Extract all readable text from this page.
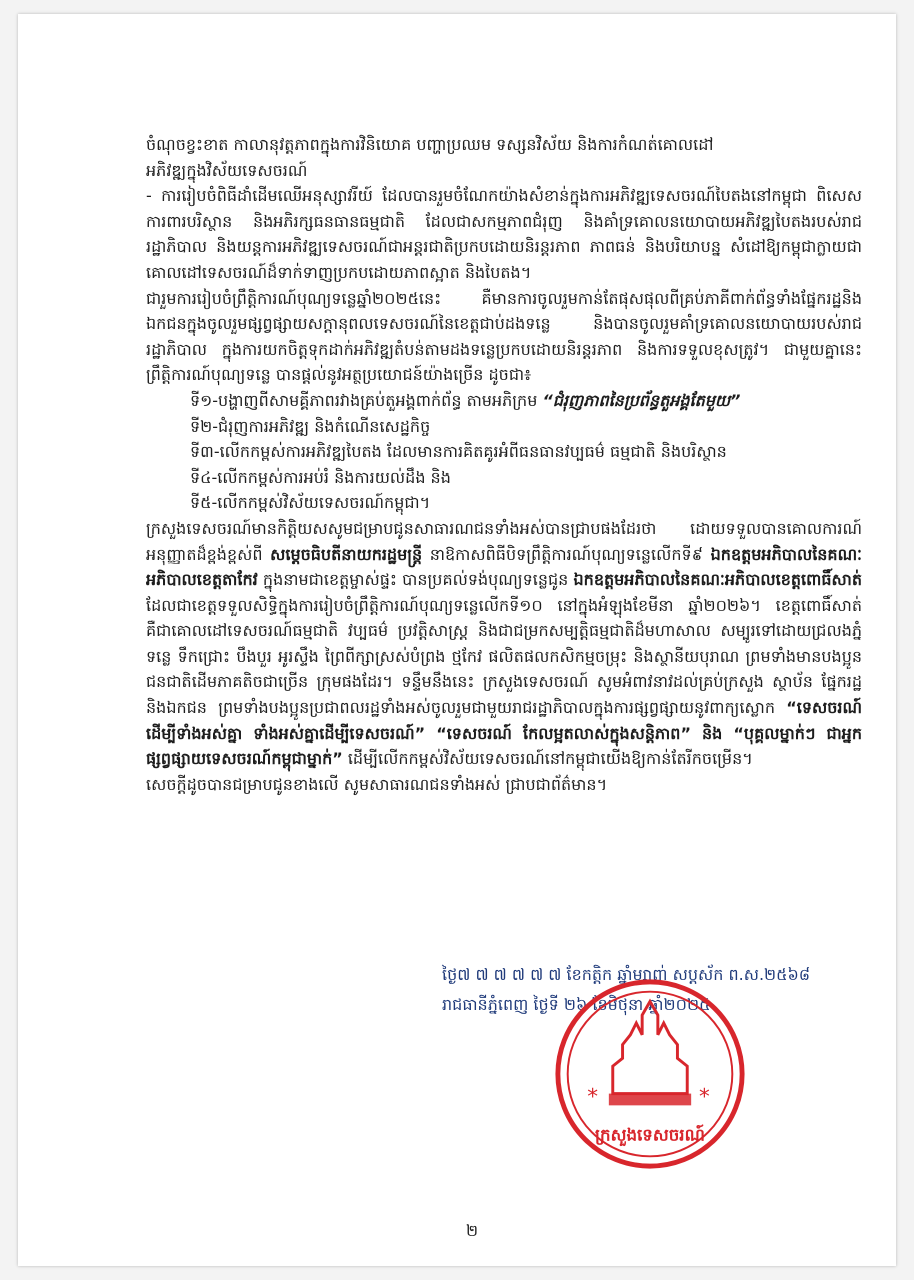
ចំណុចខ្វះខាត កាលានុវត្តភាពក្នុងការវិនិយោគ បញ្ហាប្រឈម ទស្សនវិស័យ និងការកំណត់គោលដៅ

អភិវឌ្ឍក្នុងវិស័យទេសចរណ៍

- ការរៀបចំពិធីដាំដើមឈើអនុស្សាវរីយ៍ ដែលបានរួមចំណែកយ៉ាងសំខាន់ក្នុងការអភិវឌ្ឍទេសចរណ៍បៃតងនៅកម្ពុជា ពិសេសការពារបរិស្ថាន និងអភិរក្សធនធានធម្មជាតិ ដែលជាសកម្មភាពជំរុញ និងគាំទ្រគោលនយោបាយអភិវឌ្ឍបៃតងរបស់រាជរដ្ឋាភិបាល និងយន្តការអភិវឌ្ឍទេសចរណ៍ជាអន្តរជាតិប្រកបដោយនិរន្តរភាព ភាពធន់ និងបរិយាបន្ន សំដៅឱ្យកម្ពុជាក្លាយជាគោលដៅទេសចរណ៍ដ៏ទាក់ទាញប្រកបដោយភាពស្អាត និងបៃតង។

ជារួមការរៀបចំព្រឹត្តិការណ៍បុណ្យទន្លេឆ្នាំ២០២៥នេះ គឺមានការចូលរួមកាន់តែផុសផុលពីគ្រប់ភាគីពាក់ព័ន្ធទាំងផ្នែករដ្ឋនិងឯកជនក្នុងចូលរួមផ្សព្វផ្សាយសក្តានុពលទេសចរណ៍នៃខេត្តជាប់ដងទន្លេ និងបានចូលរួមគាំទ្រគោលនយោបាយរបស់រាជរដ្ឋាភិបាល ក្នុងការយកចិត្តទុកដាក់អភិវឌ្ឍតំបន់តាមដងទន្លេប្រកបដោយនិរន្តរភាព និងការទទួលខុសត្រូវ។ ជាមួយគ្នានេះ ព្រឹត្តិការណ៍បុណ្យទន្លេ បានផ្តល់នូវអត្ថប្រយោជន៍យ៉ាងច្រើន ដូចជា៖

ទី១-បង្ហាញពីសាមគ្គីភាពរវាងគ្រប់តួអង្គពាក់ព័ន្ធ តាមអភិក្រម “ជំរុញភាពនៃប្រព័ន្ធតួអង្គតែមួយ”

ទី២-ជំរុញការអភិវឌ្ឍ និងកំណើនសេដ្ឋកិច្ច

ទី៣-លើកកម្ពស់ការអភិវឌ្ឍបៃតង ដែលមានការគិតគូរអំពីធនធានវប្បធម៌ ធម្មជាតិ និងបរិស្ថាន

ទី៤-លើកកម្ពស់ការអប់រំ និងការយល់ដឹង និង

ទី៥-លើកកម្ពស់វិស័យទេសចរណ៍កម្ពុជា។

ក្រសួងទេសចរណ៍មានកិត្តិយសសូមជម្រាបជូនសាធារណជនទាំងអស់បានជ្រាបផងដែរថា ដោយទទួលបានគោលការណ៍អនុញ្ញាតដ៏ខ្ពង់ខ្ពស់ពី សម្តេចធិបតីនាយករដ្ឋមន្ត្រី នាឱកាសពិធីបិទព្រឹត្តិការណ៍បុណ្យទន្លេលើកទី៩ ឯកឧត្តមអភិបាលនៃគណៈអភិបាលខេត្តតាកែវ ក្នុងនាមជាខេត្តម្ចាស់ផ្ទះ បានប្រគល់ទង់បុណ្យទន្លេជូន ឯកឧត្តមអភិបាលនៃគណៈអភិបាលខេត្តពោធិ៍សាត់ ដែលជាខេត្តទទួលសិទ្ធិក្នុងការរៀបចំព្រឹត្តិការណ៍បុណ្យទន្លេលើកទី១០ នៅក្នុងអំឡុងខែមីនា ឆ្នាំ២០២៦។ ខេត្តពោធិ៍សាត់ គឺជាគោលដៅទេសចរណ៍ធម្មជាតិ វប្បធម៌ ប្រវត្តិសាស្ត្រ និងជាជម្រកសម្បត្តិធម្មជាតិដ៏មហាសាល សម្បូរទៅដោយជ្រលងភ្នំ ទន្លេ ទឹកជ្រោះ បឹងបួរ អូរស្ទឹង ព្រៃពីក្សាស្រស់បំព្រង ថ្មកែវ ផលិតផលកសិកម្មចម្រុះ និងស្ថានីយបុរាណ ព្រមទាំងមានបងប្អូនជនជាតិដើមភាគតិចជាច្រើន ក្រុមផងដែរ។ ទន្ទឹមនឹងនេះ ក្រសួងទេសចរណ៍ សូមអំពាវនាវដល់គ្រប់ក្រសួង ស្ថាប័ន ផ្នែករដ្ឋនិងឯកជន ព្រមទាំងបងប្អូនប្រជាពលរដ្ឋទាំងអស់ចូលរួមជាមួយរាជរដ្ឋាភិបាលក្នុងការផ្សព្វផ្សាយនូវពាក្យស្លោក “ទេសចរណ៍ដើម្បីទាំងអស់គ្នា ទាំងអស់គ្នាដើម្បីទេសចរណ៍” “ទេសចរណ៍ កែលម្អតលាស់ក្នុងសន្តិភាព” និង “បុគ្គលម្នាក់ៗ ជាអ្នកផ្សព្វផ្សាយទេសចរណ៍កម្ពុជាម្នាក់” ដើម្បីលើកកម្ពស់វិស័យទេសចរណ៍នៅកម្ពុជាយើងឱ្យកាន់តែរីកចម្រើន។

សេចក្តីដូចបានជម្រាបជូនខាងលើ សូមសាធារណជនទាំងអស់ ជ្រាបជាព័ត៌មាន។

ថ្ងៃ៧ ៧ ៧ ៧ ៧ ៧ ខែកត្តិក ឆ្នាំម្សាញ់ សប្តស័ក ព.ស.២៥៦៨

រាជធានីភ្នំពេញ ថ្ងៃទី ២៦ ខែមិថុនា ឆ្នាំ២០២៥

*	*
ក្រសួងទេសចរណ៍
២
